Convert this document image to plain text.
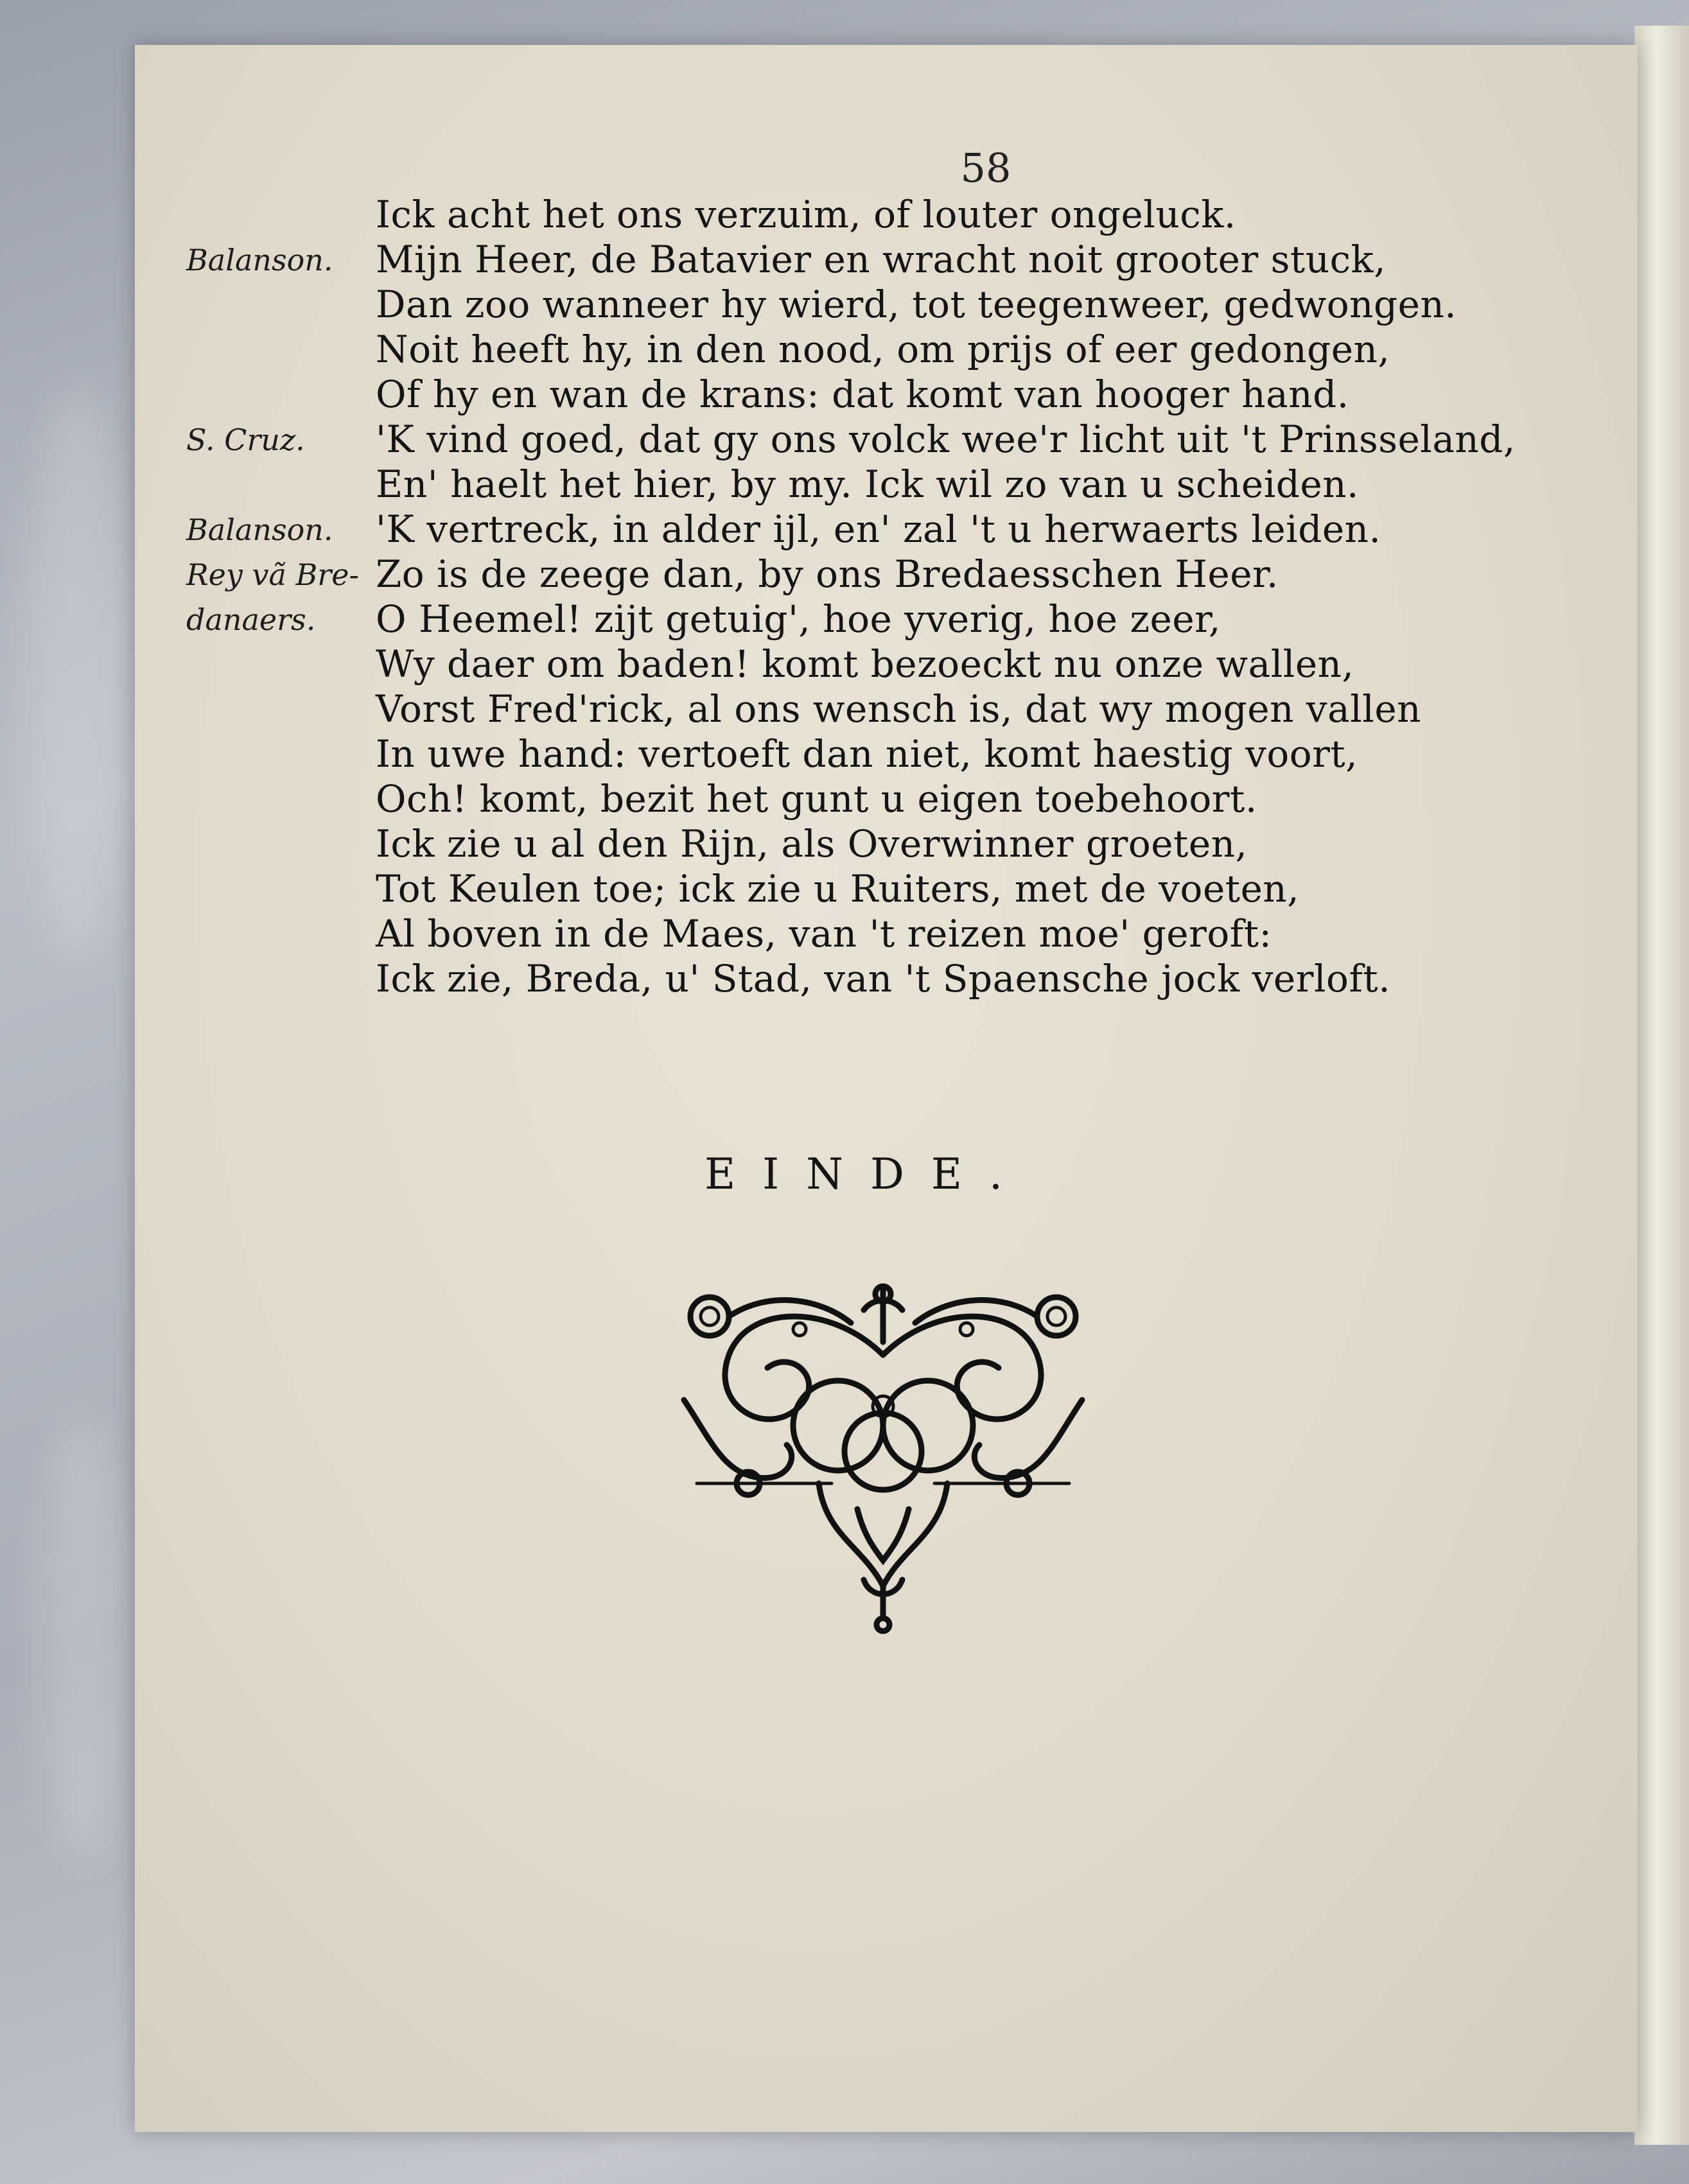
58
Balanson.
S. Cruz.
Balanson.
Rey vã Bre-
danaers.
Ick acht het ons verzuim, of louter ongeluck.
Mijn Heer, de Batavier en wracht noit grooter stuck,
Dan zoo wanneer hy wierd, tot teegenweer, gedwongen.
Noit heeft hy, in den nood, om prijs of eer gedongen,
Of hy en wan de krans: dat komt van hooger hand.
'K vind goed, dat gy ons volck wee'r licht uit 't Prinsseland,
En' haelt het hier, by my. Ick wil zo van u scheiden.
'K vertreck, in alder ijl, en' zal 't u herwaerts leiden.
Zo is de zeege dan, by ons Bredaesschen Heer.
O Heemel! zijt getuig', hoe yverig, hoe zeer,
Wy daer om baden! komt bezoeckt nu onze wallen,
Vorst Fred'rick, al ons wensch is, dat wy mogen vallen
In uwe hand: vertoeft dan niet, komt haestig voort,
Och! komt, bezit het gunt u eigen toebehoort.
Ick zie u al den Rijn, als Overwinner groeten,
Tot Keulen toe; ick zie u Ruiters, met de voeten,
Al boven in de Maes, van 't reizen moe' geroft:
Ick zie, Breda, u' Stad, van 't Spaensche jock verloft.
EINDE.
